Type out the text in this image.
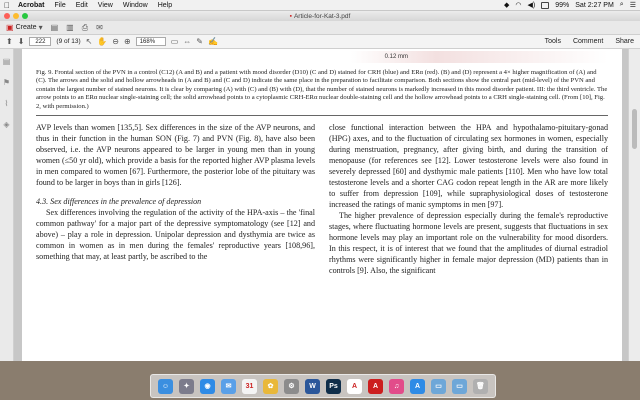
Acrobat File Edit View Window Help	◆ ◠ ◀)	99% Sat 2:27 PM ⌕ ☰
▪ Article-for-Kat-3.pdf
▣ Create ▾ ▤ ▥ ⎙ ✉
⬆ ⬇	222	(9 of 13) ↖ ✋ ⊖ ⊕	168%	▭ ⇔ ✎ ✍	Tools Comment Share
▤
⚑
⌇
◈
0.12 mm
Fig. 9. Frontal section of the PVN in a control (C12) (A and B) and a patient with mood disorder (D10) (C and D) stained for CRH (blue) and ERα (red). (B) and (D) represent a 4× higher magnification of (A) and (C). The arrows and the solid and hollow arrowheads in (A and B) and (C and D) indicate the same place in the preparation to facilitate comparison. Both sections show the central part (mid-level) of the PVN and contain the largest number of stained neurons. It is clear by comparing (A) with (C) and (B) with (D), that the number of stained neurons is markedly increased in this mood disorder patient. III: the third ventricle. The arrow points to an ERα nuclear single-staining cell; the solid arrowhead points to a cytoplasmic CRH-ERα nuclear double-staining cell and the hollow arrowhead points to a CRH single-staining cell. (From [10], Fig. 2, with permission.)

AVP levels than women [135,5]. Sex differences in the size of the AVP neurons, and thus in their function in the human SON (Fig. 7) and PVN (Fig. 8), have also been observed, i.e. the AVP neurons appeared to be larger in young men than in young women (≤50 yr old), which provide a basis for the reported higher AVP plasma levels in men compared to women [67]. Furthermore, the posterior lobe of the pituitary was found to be larger in boys than in girls [126].

4.3. Sex differences in the prevalence of depression

Sex differences involving the regulation of the activity of the HPA-axis – the 'final common pathway' for a major part of the depressive symptomatology (see [12] and above) – play a role in depression. Unipolar depression and dysthymia are twice as common in women as in men during the females' reproductive years [108,96], something that may, at least partly, be ascribed to the

close functional interaction between the HPA and hypothalamo-pituitary-gonad (HPG) axes, and to the fluctuation of circulating sex hormones in women, especially during menstruation, pregnancy, after giving birth, and during the transition of menopause (for references see [12]. Lower testosterone levels were also found in severely depressed [60] and dysthymic male patients [110]. Men who have low total testosterone levels and a shorter CAG codon repeat length in the AR are more likely to suffer from depression [109], while supraphysiological doses of testosterone increased the ratings of manic symptoms in men [97].

The higher prevalence of depression especially during the female's reproductive stages, where fluctuating hormone levels are present, suggests that fluctuations in sex hormone levels may play an important role on the vulnerability for mood disorders. In this respect, it is of interest that we found that the amplitudes of diurnal estradiol rhythms were significantly higher in female major depression (MD) patients than in controls [9]. Also, the significant

☺	✦	◉	✉	31	✿	⚙	W	Ps	A	A	♫	A	▭	▭	🗑
